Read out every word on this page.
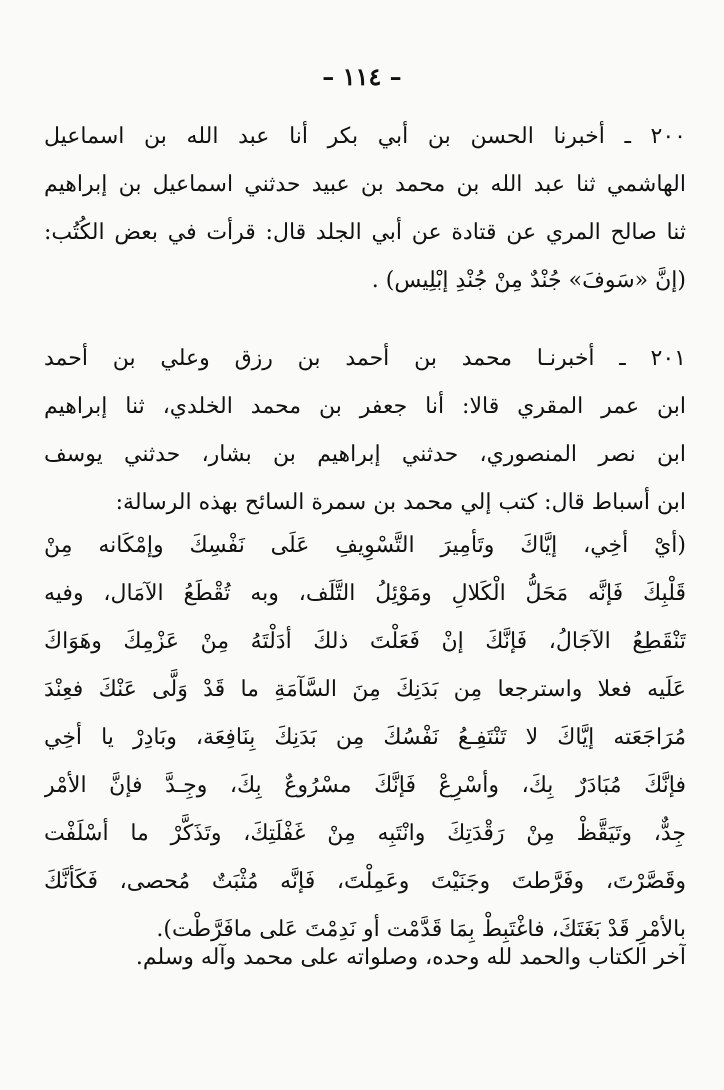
– ١١٤ –
٢٠٠ ـ أخبرنا الحسن بن أبي بكر أنا عبد الله بن اسماعيل
الهاشمي ثنا عبد الله بن محمد بن عبيد حدثني اسماعيل بن إبراهيم
ثنا صالح المري عن قتادة عن أبي الجلد قال: قرأت في بعض الكُتُب:
(إنَّ «سَوفَ» جُنْدٌ مِنْ جُنْدِ إبْلِيس) .
٢٠١ ـ أخبرنـا محمد بن أحمد بن رزق وعلي بن أحمد
ابن عمر المقري قالا: أنا جعفر بن محمد الخلدي، ثنا إبراهيم
ابن نصر المنصوري، حدثني إبراهيم بن بشار، حدثني يوسف
ابن أسباط قال: كتب إلي محمد بن سمرة السائح بهذه الرسالة:
(أيْ أخِي، إيَّاكَ وتَأمِيرَ التَّسْوِيفِ عَلَى نَفْسِكَ وإمْكَانه مِنْ
قَلْبِكَ فَإنَّه مَحَلُّ الْكَلالِ ومَوْئِلُ التَّلَف، وبه تُقْطَعُ الآمَال، وفيه
تَنْقَطِعُ الآجَالُ، فَإنَّكَ إنْ فَعَلْتَ ذلكَ أدَلْتَهُ مِنْ عَزْمِكَ وهَوَاكَ
عَلَيه فعلا واسترجعا مِن بَدَنِكَ مِنَ السَّآمَةِ ما قَدْ وَلَّى عَنْكَ فعِنْدَ
مُرَاجَعَته إيَّاكَ لا تَنْتَفِـعُ نَفْسُكَ مِن بَدَنِكَ بِنَافِعَة، وبَادِرْ يا أخِي
فإنَّكَ مُبَادَرٌ بِكَ، وأسْرِعْ فَإنَّكَ مسْرُوعٌ بِكَ، وجِـدَّ فإنَّ الأمْر
جِدٌّ، وتَيَقَّظْ مِنْ رَقْدَتِكَ وانْتَبِه مِنْ غَفْلَتِكَ، وتَذَكَّرْ ما أسْلَفْت
وقَصَّرْتَ، وفَرَّطتَ وجَنَيْتَ وعَمِلْتَ، فَإنَّه مُثْبَتٌ مُحصى، فَكَأنَّكَ
بالأمْرِ قَدْ بَغَتَكَ، فاغْتَبِطْ بِمَا قَدَّمْت أو نَدِمْتَ عَلى مافَرَّطْت).
آخر الكتاب والحمد لله وحده، وصلواته على محمد وآله وسلم.
